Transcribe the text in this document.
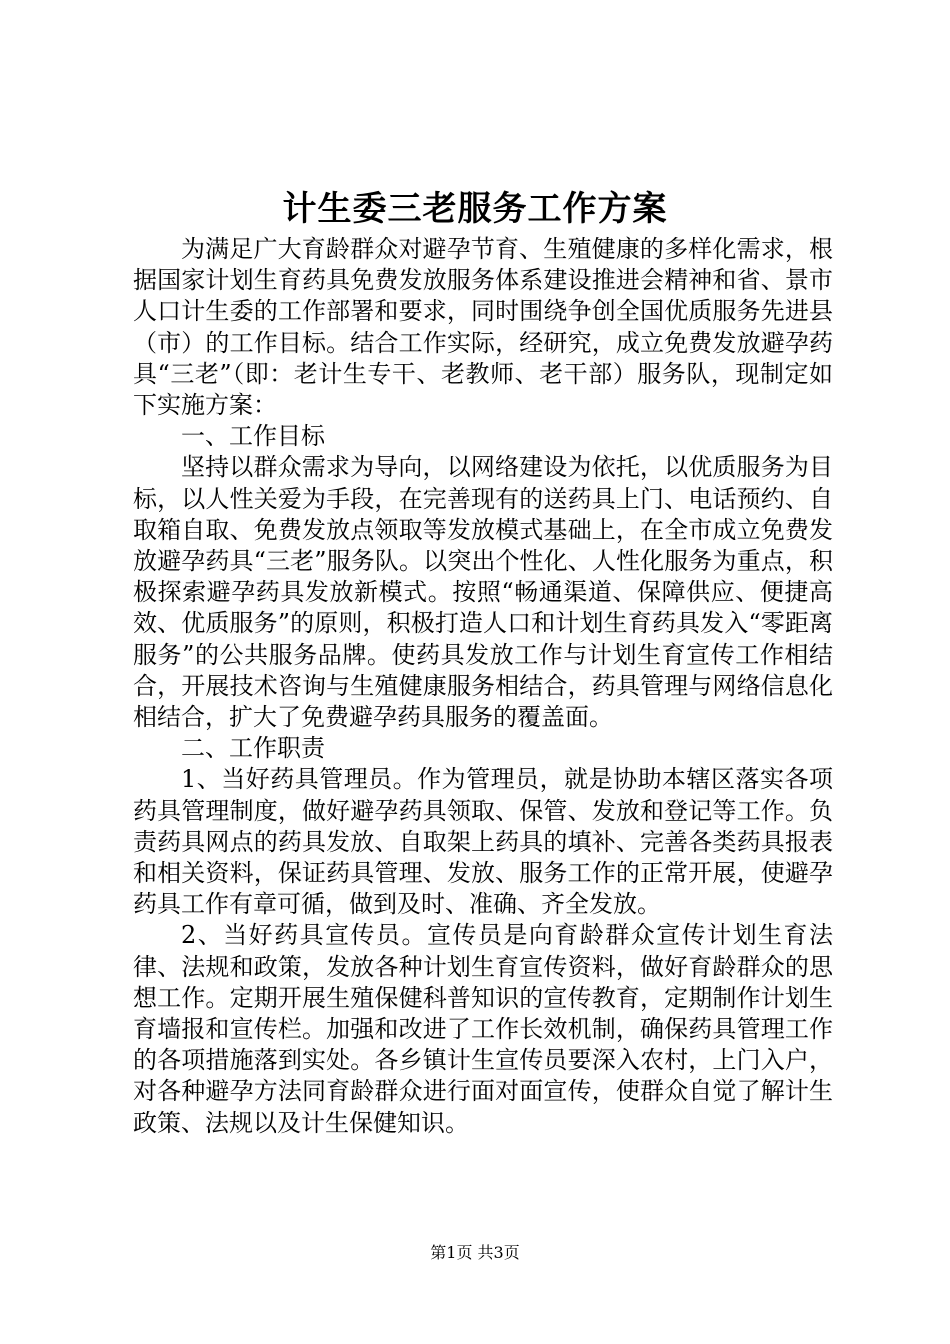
计生委三老服务工作方案

为满足广大育龄群众对避孕节育、生殖健康的多样化需求，根据国家计划生育药具免费发放服务体系建设推进会精神和省、景市人口计生委的工作部署和要求，同时围绕争创全国优质服务先进县（市）的工作目标。结合工作实际，经研究，成立免费发放避孕药具“三老”（即：老计生专干、老教师、老干部）服务队，现制定如下实施方案：

一、工作目标

坚持以群众需求为导向，以网络建设为依托，以优质服务为目标，以人性关爱为手段，在完善现有的送药具上门、电话预约、自取箱自取、免费发放点领取等发放模式基础上，在全市成立免费发放避孕药具“三老”服务队。以突出个性化、人性化服务为重点，积极探索避孕药具发放新模式。按照“畅通渠道、保障供应、便捷高效、优质服务”的原则，积极打造人口和计划生育药具发入“零距离服务”的公共服务品牌。使药具发放工作与计划生育宣传工作相结合，开展技术咨询与生殖健康服务相结合，药具管理与网络信息化相结合，扩大了免费避孕药具服务的覆盖面。

二、工作职责

1、当好药具管理员。作为管理员，就是协助本辖区落实各项药具管理制度，做好避孕药具领取、保管、发放和登记等工作。负责药具网点的药具发放、自取架上药具的填补、完善各类药具报表和相关资料，保证药具管理、发放、服务工作的正常开展，使避孕药具工作有章可循，做到及时、准确、齐全发放。

2、当好药具宣传员。宣传员是向育龄群众宣传计划生育法律、法规和政策，发放各种计划生育宣传资料，做好育龄群众的思想工作。定期开展生殖保健科普知识的宣传教育，定期制作计划生育墙报和宣传栏。加强和改进了工作长效机制，确保药具管理工作的各项措施落到实处。各乡镇计生宣传员要深入农村，上门入户，对各种避孕方法同育龄群众进行面对面宣传，使群众自觉了解计生政策、法规以及计生保健知识。

第1页 共3页
